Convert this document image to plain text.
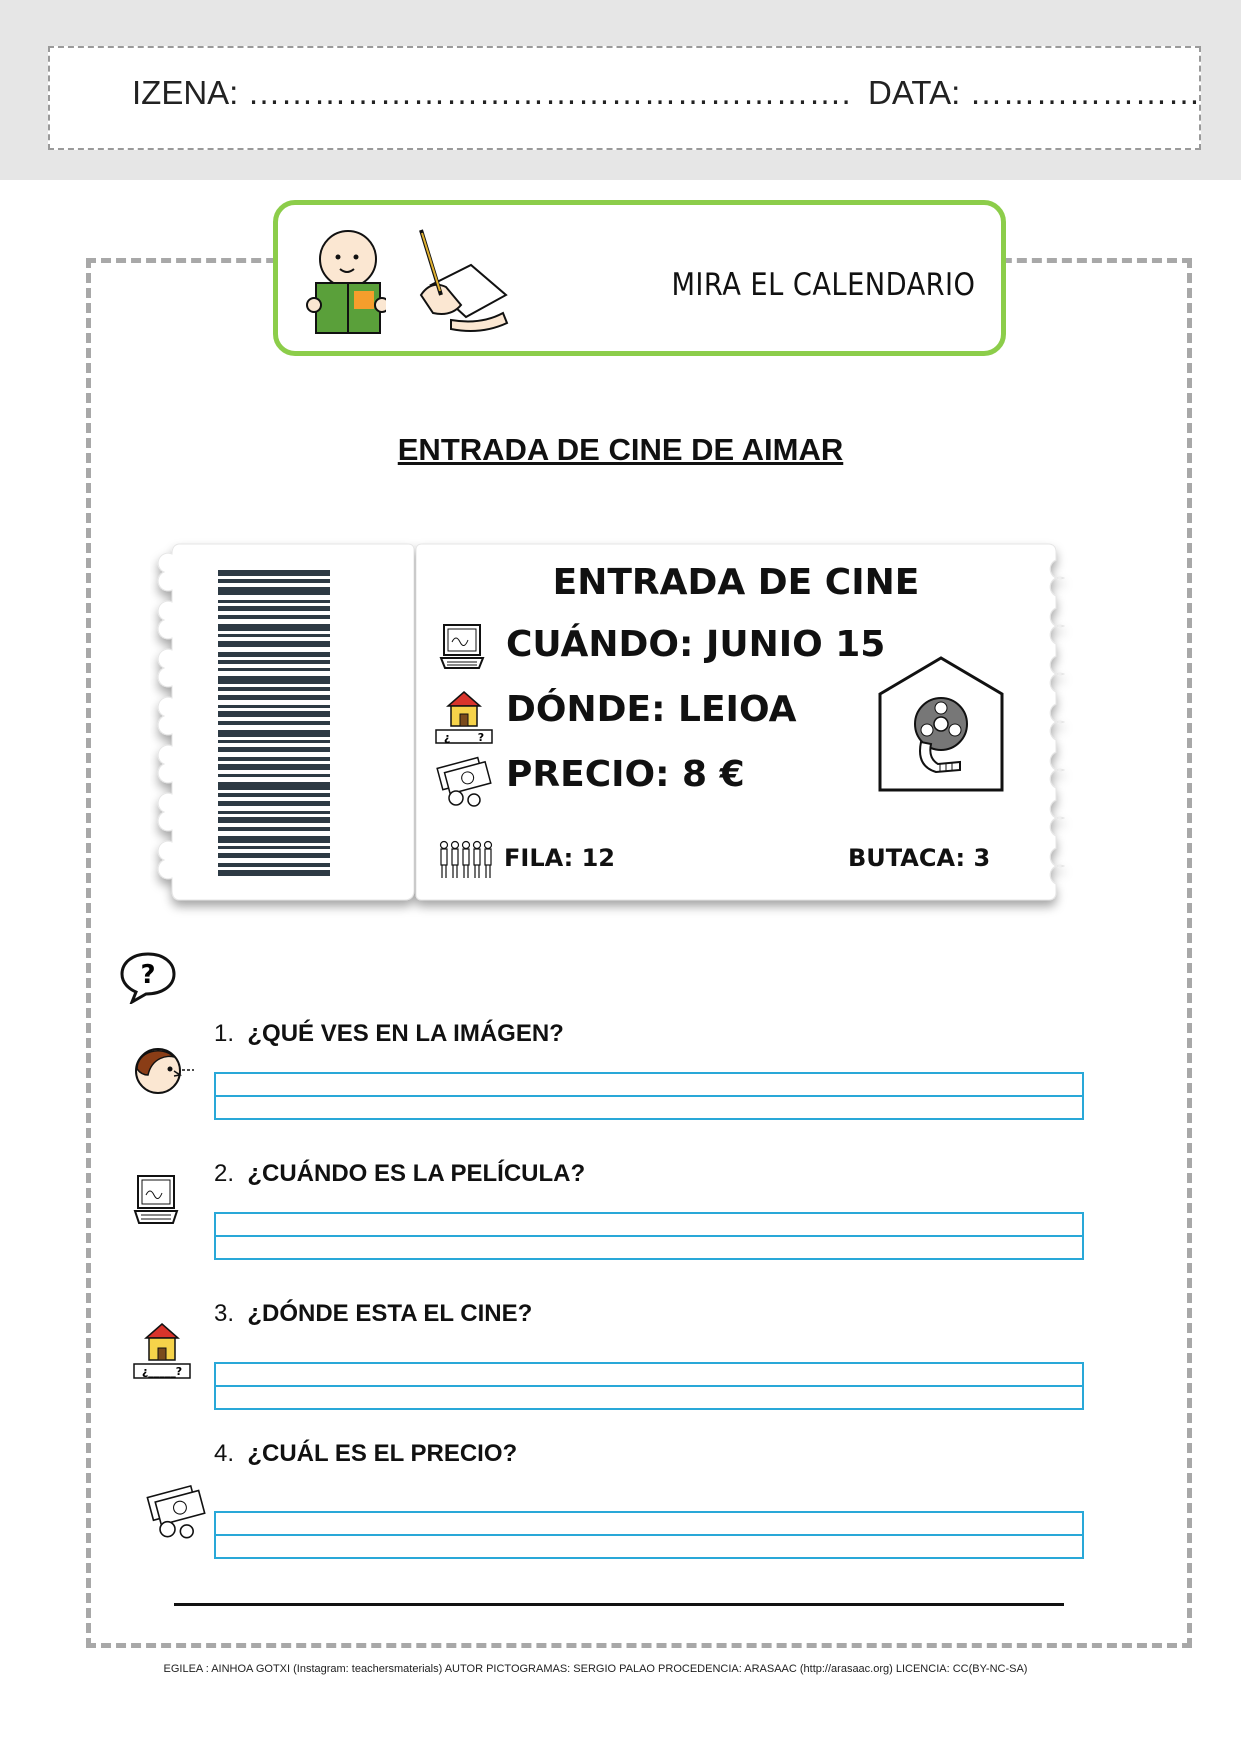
IZENA: ………………………………………………. DATA: …………………
MIRA EL CALENDARIO
ENTRADA DE CINE DE AIMAR
ENTRADA DE CINE
CUÁNDO: JUNIO 15
¿_____?
DÓNDE: LEIOA
PRECIO: 8 €
FILA: 12	BUTACA: 3
?
1. ¿QUÉ VES EN LA IMÁGEN?
2. ¿CUÁNDO ES LA PELÍCULA?
¿_____?
3. ¿DÓNDE ESTA EL CINE?
4. ¿CUÁL ES EL PRECIO?
EGILEA : AINHOA GOTXI (Instagram: teachersmaterials) AUTOR PICTOGRAMAS: SERGIO PALAO PROCEDENCIA: ARASAAC (http://arasaac.org) LICENCIA: CC(BY-NC-SA)
